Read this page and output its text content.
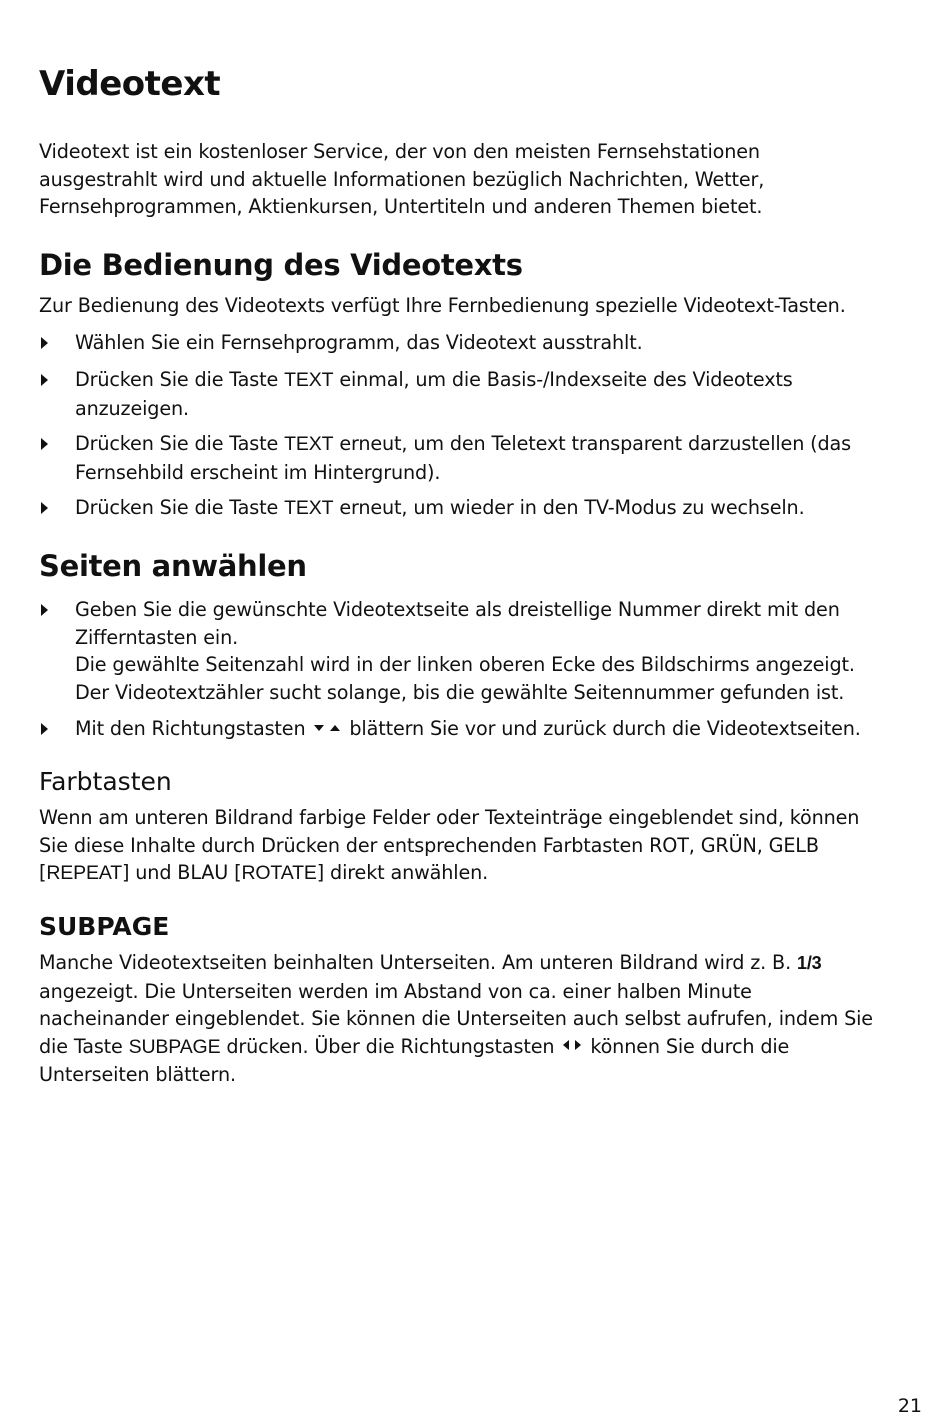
Videotext

Videotext ist ein kostenloser Service, der von den meisten Fernsehstationen
ausgestrahlt wird und aktuelle Informationen bezüglich Nachrichten, Wetter,
Fernsehprogrammen, Aktienkursen, Untertiteln und anderen Themen bietet.

Die Bedienung des Videotexts

Zur Bedienung des Videotexts verfügt Ihre Fernbedienung spezielle Videotext-Tasten.

Wählen Sie ein Fernsehprogramm, das Videotext ausstrahlt.
Drücken Sie die Taste TEXT einmal, um die Basis-/Indexseite des Videotexts
anzuzeigen.
Drücken Sie die Taste TEXT erneut, um den Teletext transparent darzustellen (das
Fernsehbild erscheint im Hintergrund).
Drücken Sie die Taste TEXT erneut, um wieder in den TV-Modus zu wechseln.
Seiten anwählen
Geben Sie die gewünschte Videotextseite als dreistellige Nummer direkt mit den
Zifferntasten ein.
Die gewählte Seitenzahl wird in der linken oberen Ecke des Bildschirms angezeigt.
Der Videotextzähler sucht solange, bis die gewählte Seitennummer gefunden ist.
Mit den Richtungstasten blättern Sie vor und zurück durch die Videotextseiten.
Farbtasten

Wenn am unteren Bildrand farbige Felder oder Texteinträge eingeblendet sind, können
Sie diese Inhalte durch Drücken der entsprechenden Farbtasten ROT, GRÜN, GELB
[REPEAT] und BLAU [ROTATE] direkt anwählen.

SUBPAGE

Manche Videotextseiten beinhalten Unterseiten. Am unteren Bildrand wird z. B. 1/3
angezeigt. Die Unterseiten werden im Abstand von ca. einer halben Minute
nacheinander eingeblendet. Sie können die Unterseiten auch selbst aufrufen, indem Sie
die Taste SUBPAGE drücken. Über die Richtungstasten können Sie durch die
Unterseiten blättern.

21
